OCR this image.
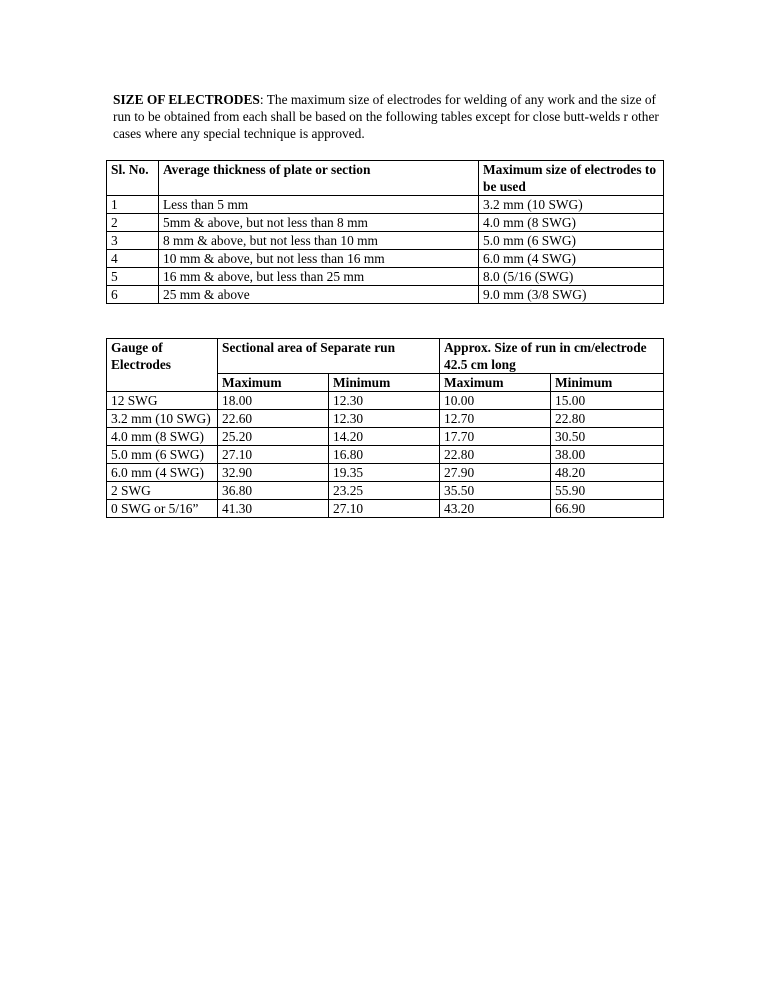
SIZE OF ELECTRODES: The maximum size of electrodes for welding of any work and the size of run to be obtained from each shall be based on the following tables except for close butt-welds r other cases where any special technique is approved.

Sl. No.	Average thickness of plate or section	Maximum size of electrodes to be used
1	Less than 5 mm	3.2 mm (10 SWG)
2	5mm & above, but not less than 8 mm	4.0 mm (8 SWG)
3	8 mm & above, but not less than 10 mm	5.0 mm (6 SWG)
4	10 mm & above, but not less than 16 mm	6.0 mm (4 SWG)
5	16 mm & above, but less than 25 mm	8.0 (5/16 (SWG)
6	25 mm & above	9.0 mm (3/8 SWG)
Gauge of Electrodes	Sectional area of Separate run		Approx. Size of run in cm/electrode 42.5 cm long	
	Maximum	Minimum	Maximum	Minimum
12 SWG	18.00	12.30	10.00	15.00
3.2 mm (10 SWG)	22.60	12.30	12.70	22.80
4.0 mm (8 SWG)	25.20	14.20	17.70	30.50
5.0 mm (6 SWG)	27.10	16.80	22.80	38.00
6.0 mm (4 SWG)	32.90	19.35	27.90	48.20
2 SWG	36.80	23.25	35.50	55.90
0 SWG or 5/16”	41.30	27.10	43.20	66.90
